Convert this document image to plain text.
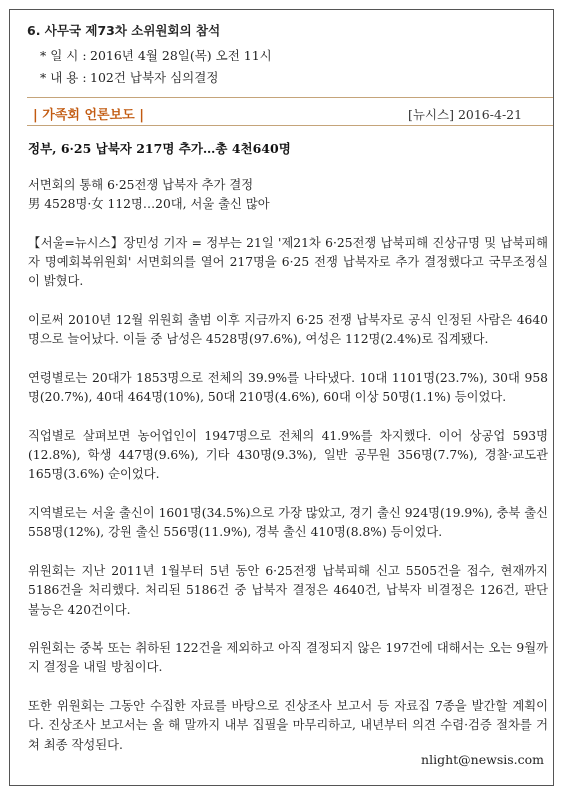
6. 사무국 제73차 소위원회의 참석

* 일 시 : 2016년 4월 28일(목) 오전 11시

* 내 용 : 102건 납북자 심의결정

| 가족회 언론보도 |	[뉴시스] 2016-4-21

정부, 6·25 납북자 217명 추가…총 4천640명

서면회의 통해 6·25전쟁 납북자 추가 결정
男 4528명·女 112명…20대, 서울 출신 많아

【서울=뉴시스】장민성 기자 = 정부는 21일 '제21차 6·25전쟁 납북피해 진상규명 및 납북피해자 명예회복위원회' 서면회의를 열어 217명을 6·25 전쟁 납북자로 추가 결정했다고 국무조정실이 밝혔다.

이로써 2010년 12월 위원회 출범 이후 지금까지 6·25 전쟁 납북자로 공식 인정된 사람은 4640명으로 늘어났다. 이들 중 남성은 4528명(97.6%), 여성은 112명(2.4%)로 집계됐다.

연령별로는 20대가 1853명으로 전체의 39.9%를 나타냈다. 10대 1101명(23.7%), 30대 958명(20.7%), 40대 464명(10%), 50대 210명(4.6%), 60대 이상 50명(1.1%) 등이었다.

직업별로 살펴보면 농어업인이 1947명으로 전체의 41.9%를 차지했다. 이어 상공업 593명(12.8%), 학생 447명(9.6%), 기타 430명(9.3%), 일반 공무원 356명(7.7%), 경찰·교도관 165명(3.6%) 순이었다.

지역별로는 서울 출신이 1601명(34.5%)으로 가장 많았고, 경기 출신 924명(19.9%), 충북 출신 558명(12%), 강원 출신 556명(11.9%), 경북 출신 410명(8.8%) 등이었다.

위원회는 지난 2011년 1월부터 5년 동안 6·25전쟁 납북피해 신고 5505건을 접수, 현재까지 5186건을 처리했다. 처리된 5186건 중 납북자 결정은 4640건, 납북자 비결정은 126건, 판단 불능은 420건이다.

위원회는 중복 또는 취하된 122건을 제외하고 아직 결정되지 않은 197건에 대해서는 오는 9월까지 결정을 내릴 방침이다.

또한 위원회는 그동안 수집한 자료를 바탕으로 진상조사 보고서 등 자료집 7종을 발간할 계획이다. 진상조사 보고서는 올 해 말까지 내부 집필을 마무리하고, 내년부터 의견 수렴·검증 절차를 거쳐 최종 작성된다.

nlight@newsis.com
